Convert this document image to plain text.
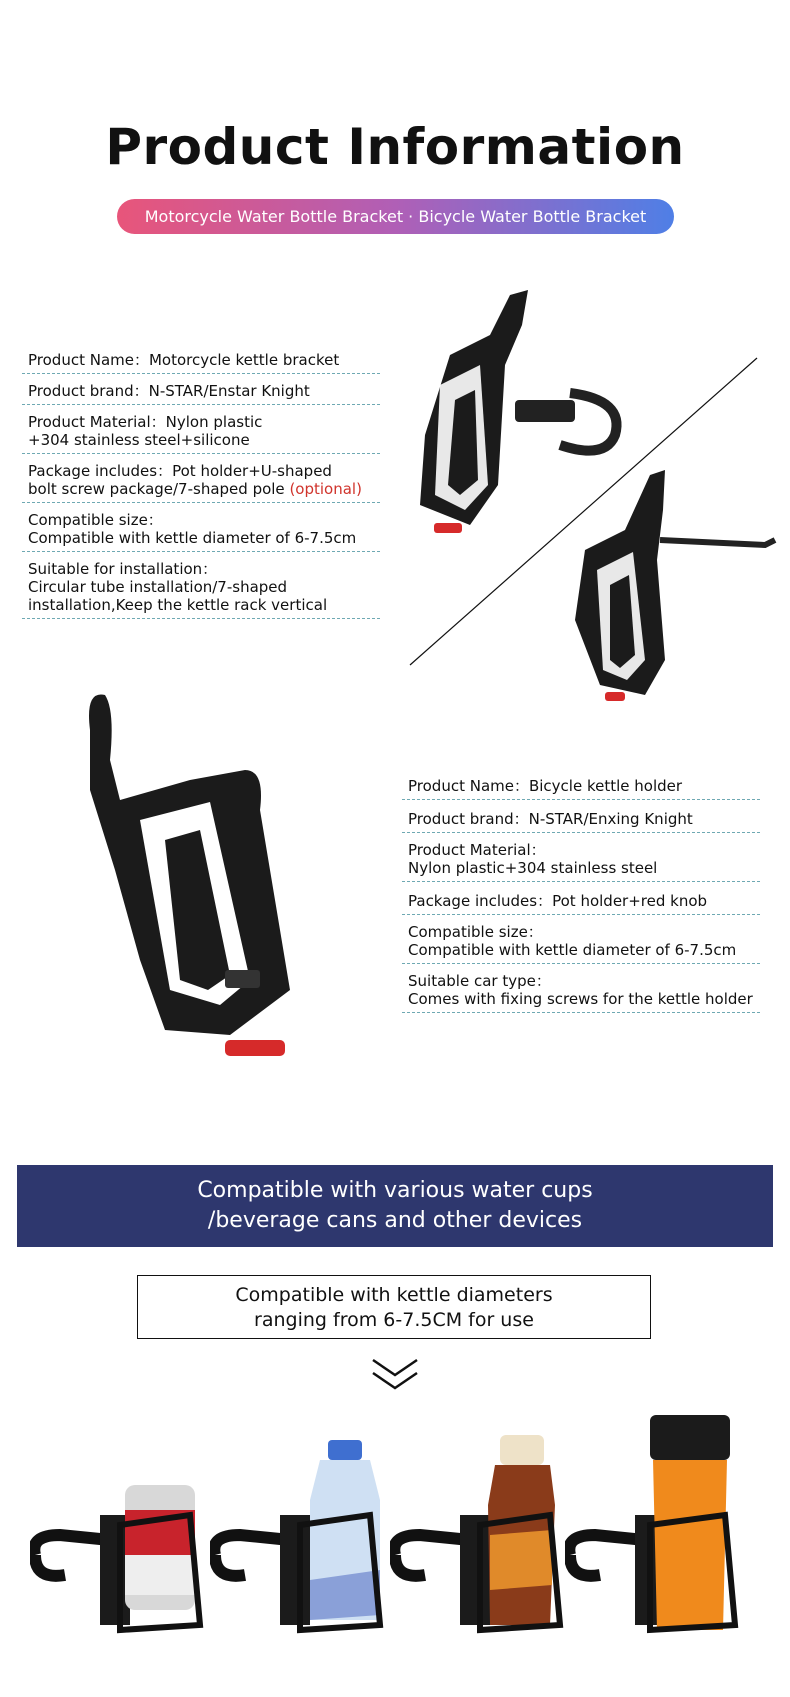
Product Information
Motorcycle Water Bottle Bracket · Bicycle Water Bottle Bracket
Product Name：Motorcycle kettle bracket
Product brand：N-STAR/Enstar Knight
Product Material：Nylon plastic
+304 stainless steel+silicone
Package includes：Pot holder+U-shaped
bolt screw package/7-shaped pole (optional)
Compatible size：
Compatible with kettle diameter of 6-7.5cm
Suitable for installation：
Circular tube installation/7-shaped
installation,Keep the kettle rack vertical
Product Name：Bicycle kettle holder
Product brand：N-STAR/Enxing Knight
Product Material：
Nylon plastic+304 stainless steel
Package includes：Pot holder+red knob
Compatible size：
Compatible with kettle diameter of 6-7.5cm
Suitable car type：
Comes with fixing screws for the kettle holder
Compatible with various water cups
/beverage cans and other devices
Compatible with kettle diameters
ranging from 6-7.5CM for use
